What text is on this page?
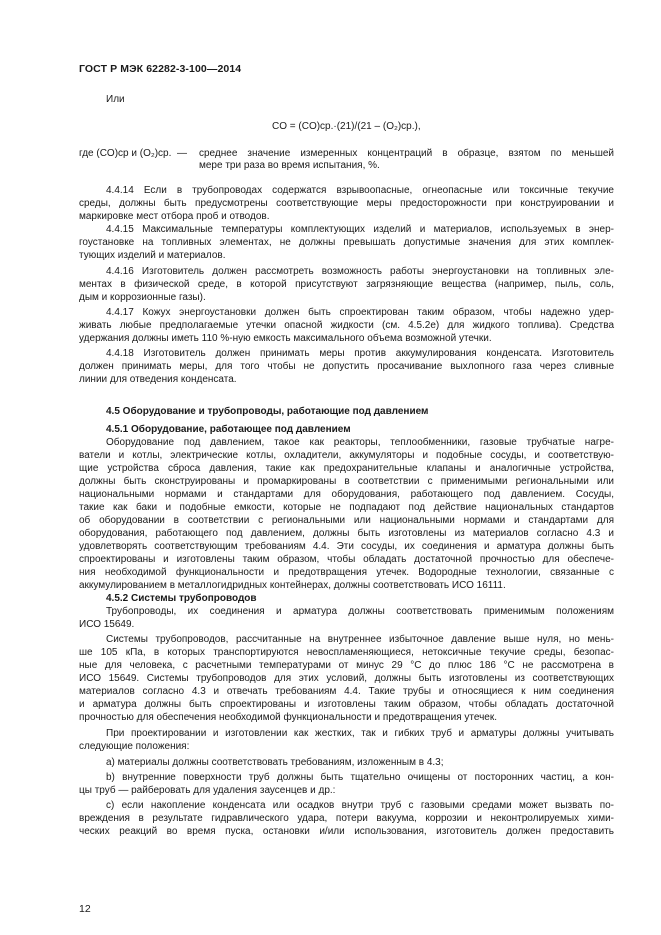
ГОСТ Р МЭК 62282-3-100—2014
Или
CO = (CO)ср.·(21)/(21 – (O₂)ср.),
где (CO)ср и (O₂)ср. — среднее значение измеренных концентраций в образце, взятом по меньшей
мере три раза во время испытания, %.
4.4.14 Если в трубопроводах содержатся взрывоопасные, огнеопасные или токсичные текучие
среды, должны быть предусмотрены соответствующие меры предосторожности при конструировании и
маркировке мест отбора проб и отводов.
4.4.15 Максимальные температуры комплектующих изделий и материалов, используемых в энер-
гоустановке на топливных элементах, не должны превышать допустимые значения для этих комплек-
тующих изделий и материалов.
4.4.16 Изготовитель должен рассмотреть возможность работы энергоустановки на топливных эле-
ментах в физической среде, в которой присутствуют загрязняющие вещества (например, пыль, соль,
дым и коррозионные газы).
4.4.17 Кожух энергоустановки должен быть спроектирован таким образом, чтобы надежно удер-
живать любые предполагаемые утечки опасной жидкости (см. 4.5.2е) для жидкого топлива). Средства
удержания должны иметь 110 %-ную емкость максимального объема возможной утечки.
4.4.18 Изготовитель должен принимать меры против аккумулирования конденсата. Изготовитель
должен принимать меры, для того чтобы не допустить просачивание выхлопного газа через сливные
линии для отведения конденсата.
4.5 Оборудование и трубопроводы, работающие под давлением
4.5.1 Оборудование, работающее под давлением
Оборудование под давлением, такое как реакторы, теплообменники, газовые трубчатые нагре-
ватели и котлы, электрические котлы, охладители, аккумуляторы и подобные сосуды, и соответствую-
щие устройства сброса давления, такие как предохранительные клапаны и аналогичные устройства,
должны быть сконструированы и промаркированы в соответствии с применимыми региональными или
национальными нормами и стандартами для оборудования, работающего под давлением. Сосуды,
такие как баки и подобные емкости, которые не подпадают под действие национальных стандартов
об оборудовании в соответствии с региональными или национальными нормами и стандартами для
оборудования, работающего под давлением, должны быть изготовлены из материалов согласно 4.3 и
удовлетворять соответствующим требованиям 4.4. Эти сосуды, их соединения и арматура должны быть
спроектированы и изготовлены таким образом, чтобы обладать достаточной прочностью для обеспече-
ния необходимой функциональности и предотвращения утечек. Водородные технологии, связанные с
аккумулированием в металлогидридных контейнерах, должны соответствовать ИСО 16111.
4.5.2 Системы трубопроводов
Трубопроводы, их соединения и арматура должны соответствовать применимым положениям
ИСО 15649.
Системы трубопроводов, рассчитанные на внутреннее избыточное давление выше нуля, но мень-
ше 105 кПа, в которых транспортируются невоспламеняющиеся, нетоксичные текучие среды, безопас-
ные для человека, с расчетными температурами от минус 29 °С до плюс 186 °С не рассмотрена в
ИСО 15649. Системы трубопроводов для этих условий, должны быть изготовлены из соответствующих
материалов согласно 4.3 и отвечать требованиям 4.4. Такие трубы и относящиеся к ним соединения
и арматура должны быть спроектированы и изготовлены таким образом, чтобы обладать достаточной
прочностью для обеспечения необходимой функциональности и предотвращения утечек.
При проектировании и изготовлении как жестких, так и гибких труб и арматуры должны учитывать
следующие положения:
a) материалы должны соответствовать требованиям, изложенным в 4.3;
b) внутренние поверхности труб должны быть тщательно очищены от посторонних частиц, а кон-
цы труб — райберовать для удаления заусенцев и др.:
c) если накопление конденсата или осадков внутри труб с газовыми средами может вызвать по-
вреждения в результате гидравлического удара, потери вакуума, коррозии и неконтролируемых хими-
ческих реакций во время пуска, остановки и/или использования, изготовитель должен предоставить
12
